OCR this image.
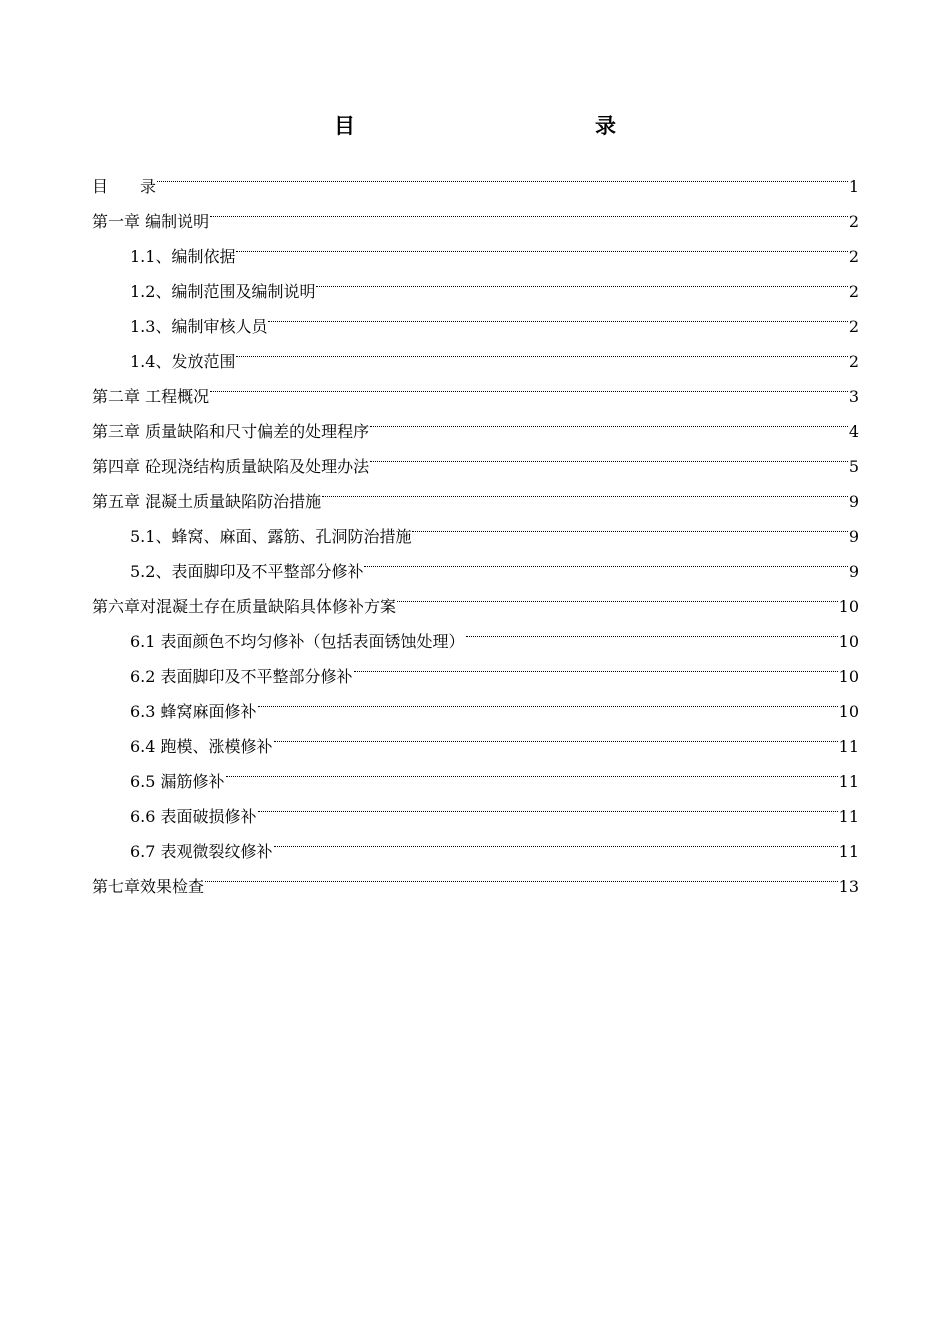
目　　录
目　　录	1
第一章 编制说明	2
1.1、编制依据	2
1.2、编制范围及编制说明	2
1.3、编制审核人员	2
1.4、发放范围	2
第二章 工程概况	3
第三章 质量缺陷和尺寸偏差的处理程序	4
第四章 砼现浇结构质量缺陷及处理办法	5
第五章 混凝土质量缺陷防治措施	9
5.1、蜂窝、麻面、露筋、孔洞防治措施	9
5.2、表面脚印及不平整部分修补	9
第六章对混凝土存在质量缺陷具体修补方案	10
6.1 表面颜色不均匀修补（包括表面锈蚀处理）	10
6.2 表面脚印及不平整部分修补	10
6.3 蜂窝麻面修补	10
6.4 跑模、涨模修补	11
6.5 漏筋修补	11
6.6 表面破损修补	11
6.7 表观微裂纹修补	11
第七章效果检查	13
